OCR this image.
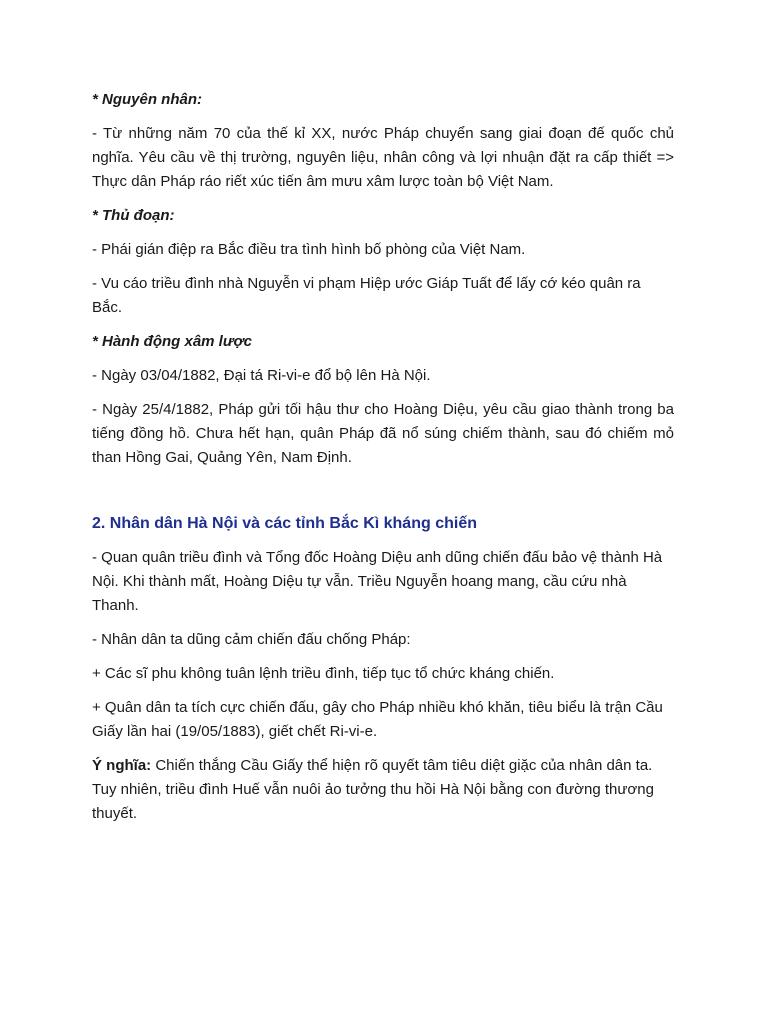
* Nguyên nhân:

- Từ những năm 70 của thế kỉ XX, nước Pháp chuyển sang giai đoạn đế quốc chủ nghĩa. Yêu cầu về thị trường, nguyên liệu, nhân công và lợi nhuận đặt ra cấp thiết => Thực dân Pháp ráo riết xúc tiến âm mưu xâm lược toàn bộ Việt Nam.

* Thủ đoạn:

- Phái gián điệp ra Bắc điều tra tình hình bố phòng của Việt Nam.

- Vu cáo triều đình nhà Nguyễn vi phạm Hiệp ước Giáp Tuất để lấy cớ kéo quân ra Bắc.

* Hành động xâm lược

- Ngày 03/04/1882, Đại tá Ri-vi-e đổ bộ lên Hà Nội.

- Ngày 25/4/1882, Pháp gửi tối hậu thư cho Hoàng Diệu, yêu cầu giao thành trong ba tiếng đồng hồ. Chưa hết hạn, quân Pháp đã nổ súng chiếm thành, sau đó chiếm mỏ than Hồng Gai, Quảng Yên, Nam Định.

2. Nhân dân Hà Nội và các tỉnh Bắc Kì kháng chiến

- Quan quân triều đình và Tổng đốc Hoàng Diệu anh dũng chiến đấu bảo vệ thành Hà Nội. Khi thành mất, Hoàng Diệu tự vẫn. Triều Nguyễn hoang mang, cầu cứu nhà Thanh.

- Nhân dân ta dũng cảm chiến đấu chống Pháp:

+ Các sĩ phu không tuân lệnh triều đình, tiếp tục tổ chức kháng chiến.

+ Quân dân ta tích cực chiến đấu, gây cho Pháp nhiều khó khăn, tiêu biểu là trận Cầu Giấy lần hai (19/05/1883), giết chết Ri-vi-e.

Ý nghĩa: Chiến thắng Cầu Giấy thể hiện rõ quyết tâm tiêu diệt giặc của nhân dân ta. Tuy nhiên, triều đình Huế vẫn nuôi ảo tưởng thu hồi Hà Nội bằng con đường thương thuyết.
